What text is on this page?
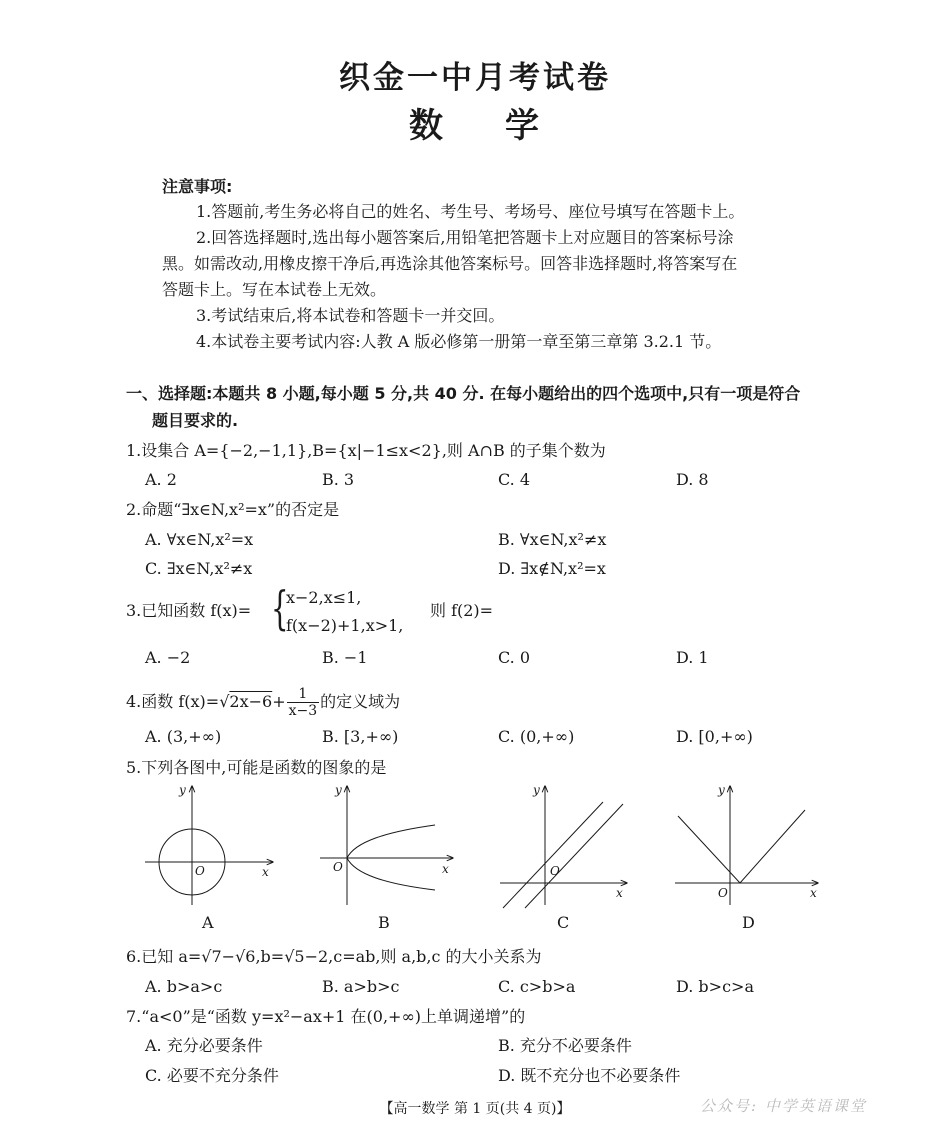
织金一中月考试卷
数 学
注意事项:
1.答题前,考生务必将自己的姓名、考生号、考场号、座位号填写在答题卡上。
2.回答选择题时,选出每小题答案后,用铅笔把答题卡上对应题目的答案标号涂
黑。如需改动,用橡皮擦干净后,再选涂其他答案标号。回答非选择题时,将答案写在
答题卡上。写在本试卷上无效。
3.考试结束后,将本试卷和答题卡一并交回。
4.本试卷主要考试内容:人教 A 版必修第一册第一章至第三章第 3.2.1 节。
一、选择题:本题共 8 小题,每小题 5 分,共 40 分. 在每小题给出的四个选项中,只有一项是符合
题目要求的.
1.设集合 A={−2,−1,1},B={x|−1≤x<2},则 A∩B 的子集个数为
A. 2	B. 3	C. 4	D. 8
2.命题“∃x∈N,x²=x”的否定是
A. ∀x∈N,x²=x	B. ∀x∈N,x²≠x
C. ∃x∈N,x²≠x	D. ∃x∉N,x²=x
3.已知函数 f(x)= {
x−2,x≤1,
f(x−2)+1,x>1,
则 f(2)=
A. −2	B. −1	C. 0	D. 1
4.函数 $f(x)=√2x-6+ \frac{1}{x-3}$ 的定义域为
A. (3,+∞)	B. [3,+∞)	C. (0,+∞)	D. [0,+∞)
5.下列各图中,可能是函数的图象的是
O	x
y
A
O	x
y
B
O
x
y
C
O	x
y
D
6.已知 a=√7−√6,b=√5−2,c=ab,则 a,b,c 的大小关系为
A. b>a>c	B. a>b>c	C. c>b>a	D. b>c>a
7.“a<0”是“函数 y=x²−ax+1 在(0,+∞)上单调递增”的
A. 充分必要条件	B. 充分不必要条件
C. 必要不充分条件	D. 既不充分也不必要条件
【高一数学 第 1 页(共 4 页)】	公众号: 中学英语课堂
